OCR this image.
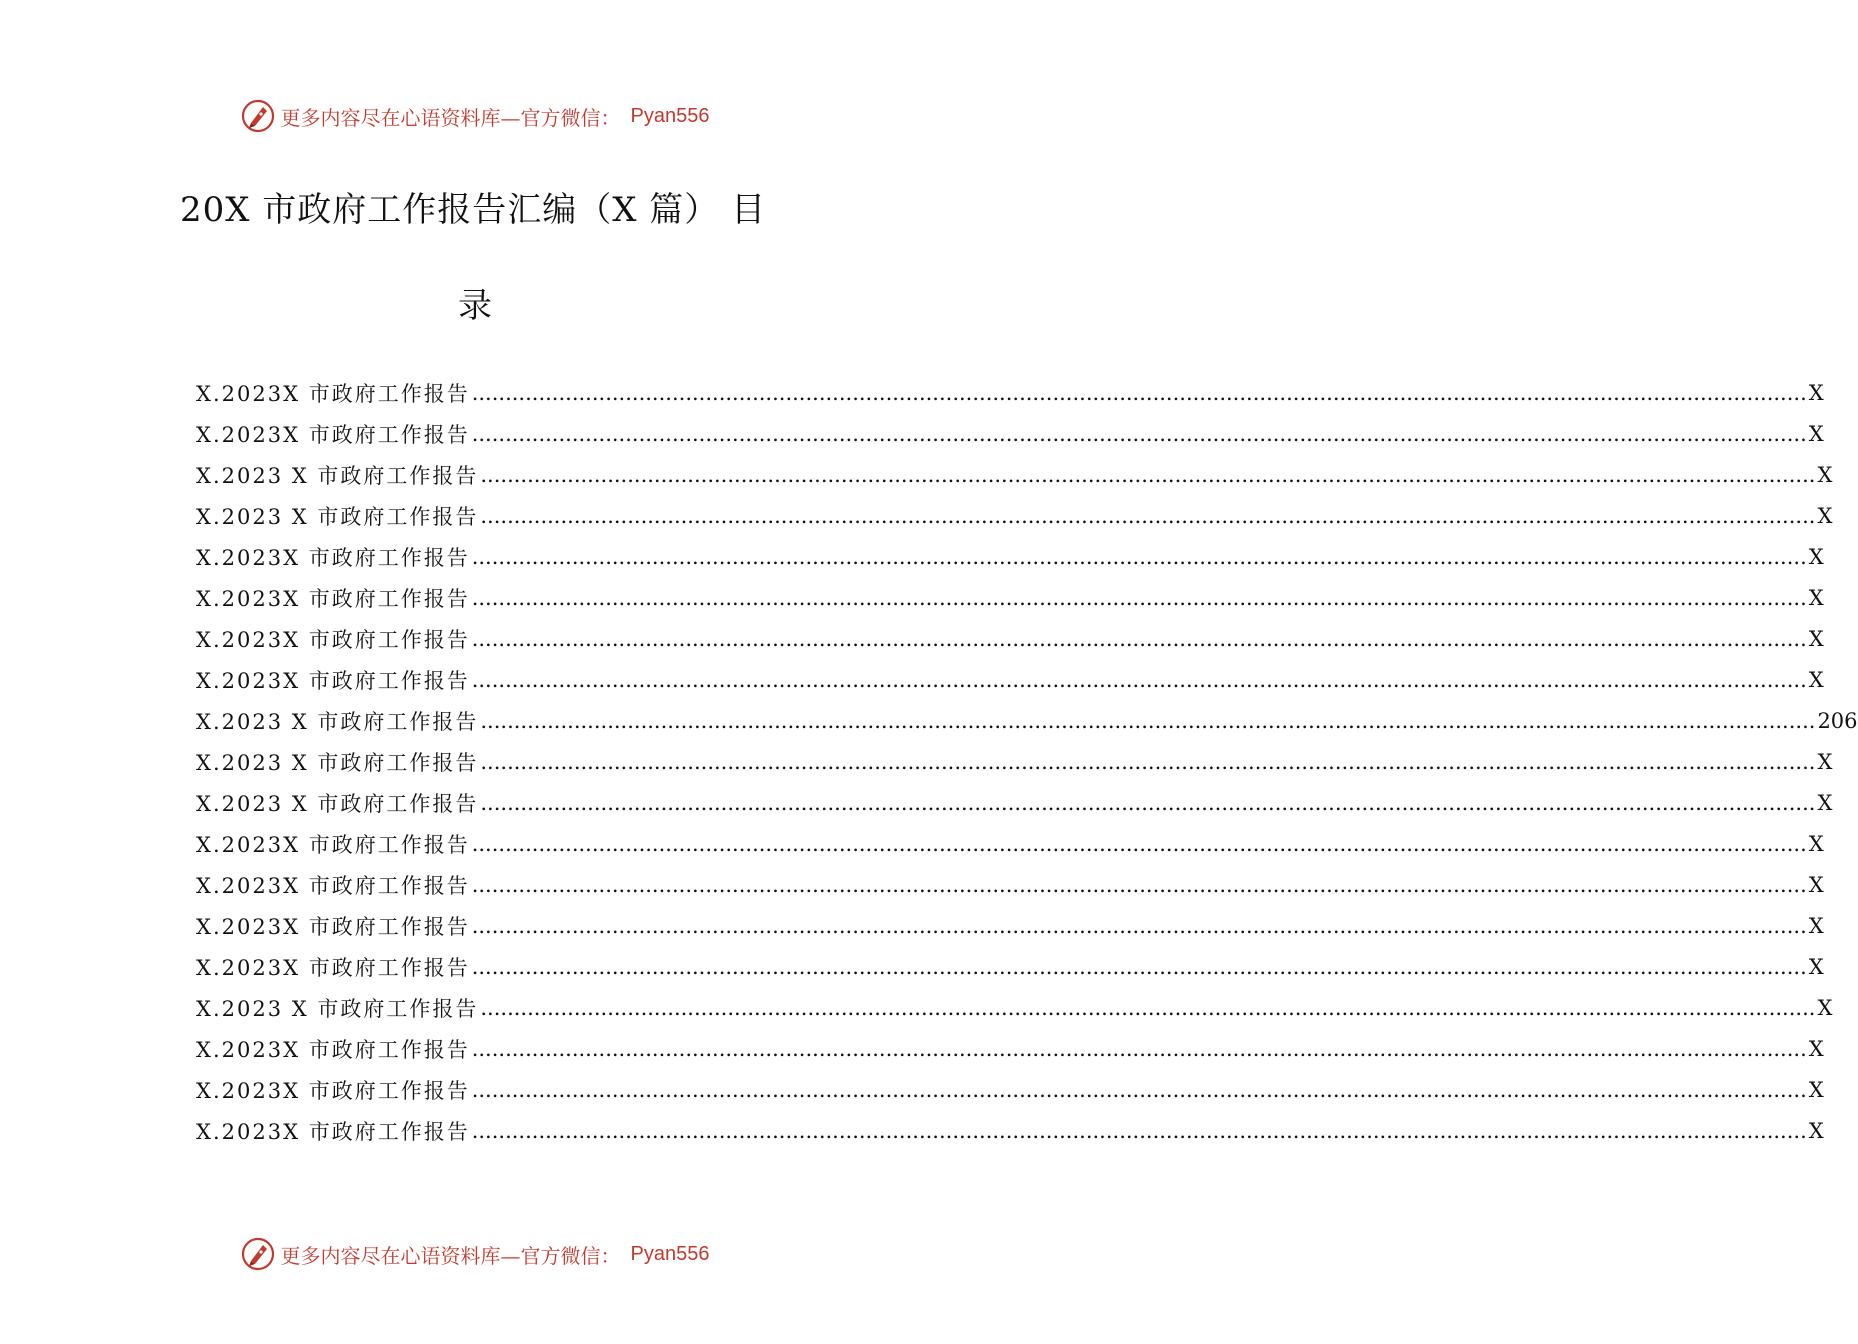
更多内容尽在心语资料库—官方微信： Pyan556
20X 市政府工作报告汇编（X 篇） 目
录
X.2023X 市政府工作报告 ........................................................................................................................................................................................................ X
X.2023X 市政府工作报告 ........................................................................................................................................................................................................ X
X.2023 X 市政府工作报告 ........................................................................................................................................................................................................ X
X.2023 X 市政府工作报告 ........................................................................................................................................................................................................ X
X.2023X 市政府工作报告 ........................................................................................................................................................................................................ X
X.2023X 市政府工作报告 ........................................................................................................................................................................................................ X
X.2023X 市政府工作报告 ........................................................................................................................................................................................................ X
X.2023X 市政府工作报告 ........................................................................................................................................................................................................ X
X.2023 X 市政府工作报告 ........................................................................................................................................................................................................ 206
X.2023 X 市政府工作报告 ........................................................................................................................................................................................................ X
X.2023 X 市政府工作报告 ........................................................................................................................................................................................................ X
X.2023X 市政府工作报告 ........................................................................................................................................................................................................ X
X.2023X 市政府工作报告 ........................................................................................................................................................................................................ X
X.2023X 市政府工作报告 ........................................................................................................................................................................................................ X
X.2023X 市政府工作报告 ........................................................................................................................................................................................................ X
X.2023 X 市政府工作报告 ........................................................................................................................................................................................................ X
X.2023X 市政府工作报告 ........................................................................................................................................................................................................ X
X.2023X 市政府工作报告 ........................................................................................................................................................................................................ X
X.2023X 市政府工作报告 ........................................................................................................................................................................................................ X
更多内容尽在心语资料库—官方微信： Pyan556
